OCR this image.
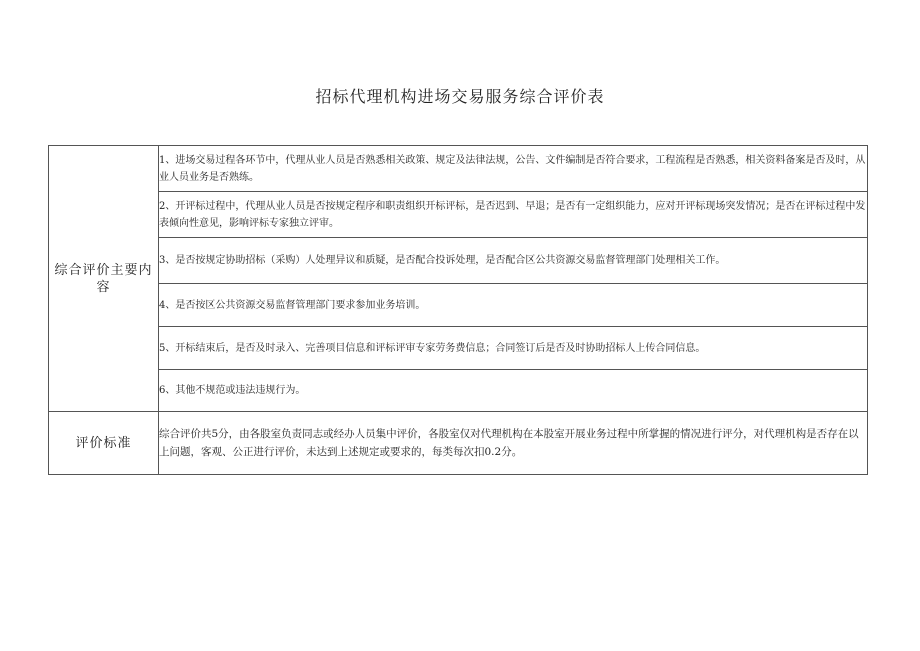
招标代理机构进场交易服务综合评价表
综合评价主要内容	1、进场交易过程各环节中，代理从业人员是否熟悉相关政策、规定及法律法规，公告、文件编制是否符合要求，工程流程是否熟悉，相关资料备案是否及时，从业人员业务是否熟练。
	2、开评标过程中，代理从业人员是否按规定程序和职责组织开标评标，是否迟到、早退；是否有一定组织能力，应对开评标现场突发情况；是否在评标过程中发表倾向性意见，影响评标专家独立评审。
	3、是否按规定协助招标（采购）人处理异议和质疑，是否配合投诉处理，是否配合区公共资源交易监督管理部门处理相关工作。
	4、是否按区公共资源交易监督管理部门要求参加业务培训。
	5、开标结束后，是否及时录入、完善项目信息和评标评审专家劳务费信息；合同签订后是否及时协助招标人上传合同信息。
	6、其他不规范或违法违规行为。
评价标准	综合评价共5分，由各股室负责同志或经办人员集中评价，各股室仅对代理机构在本股室开展业务过程中所掌握的情况进行评分，对代理机构是否存在以上问题，客观、公正进行评价，未达到上述规定或要求的，每类每次扣0.2分。
